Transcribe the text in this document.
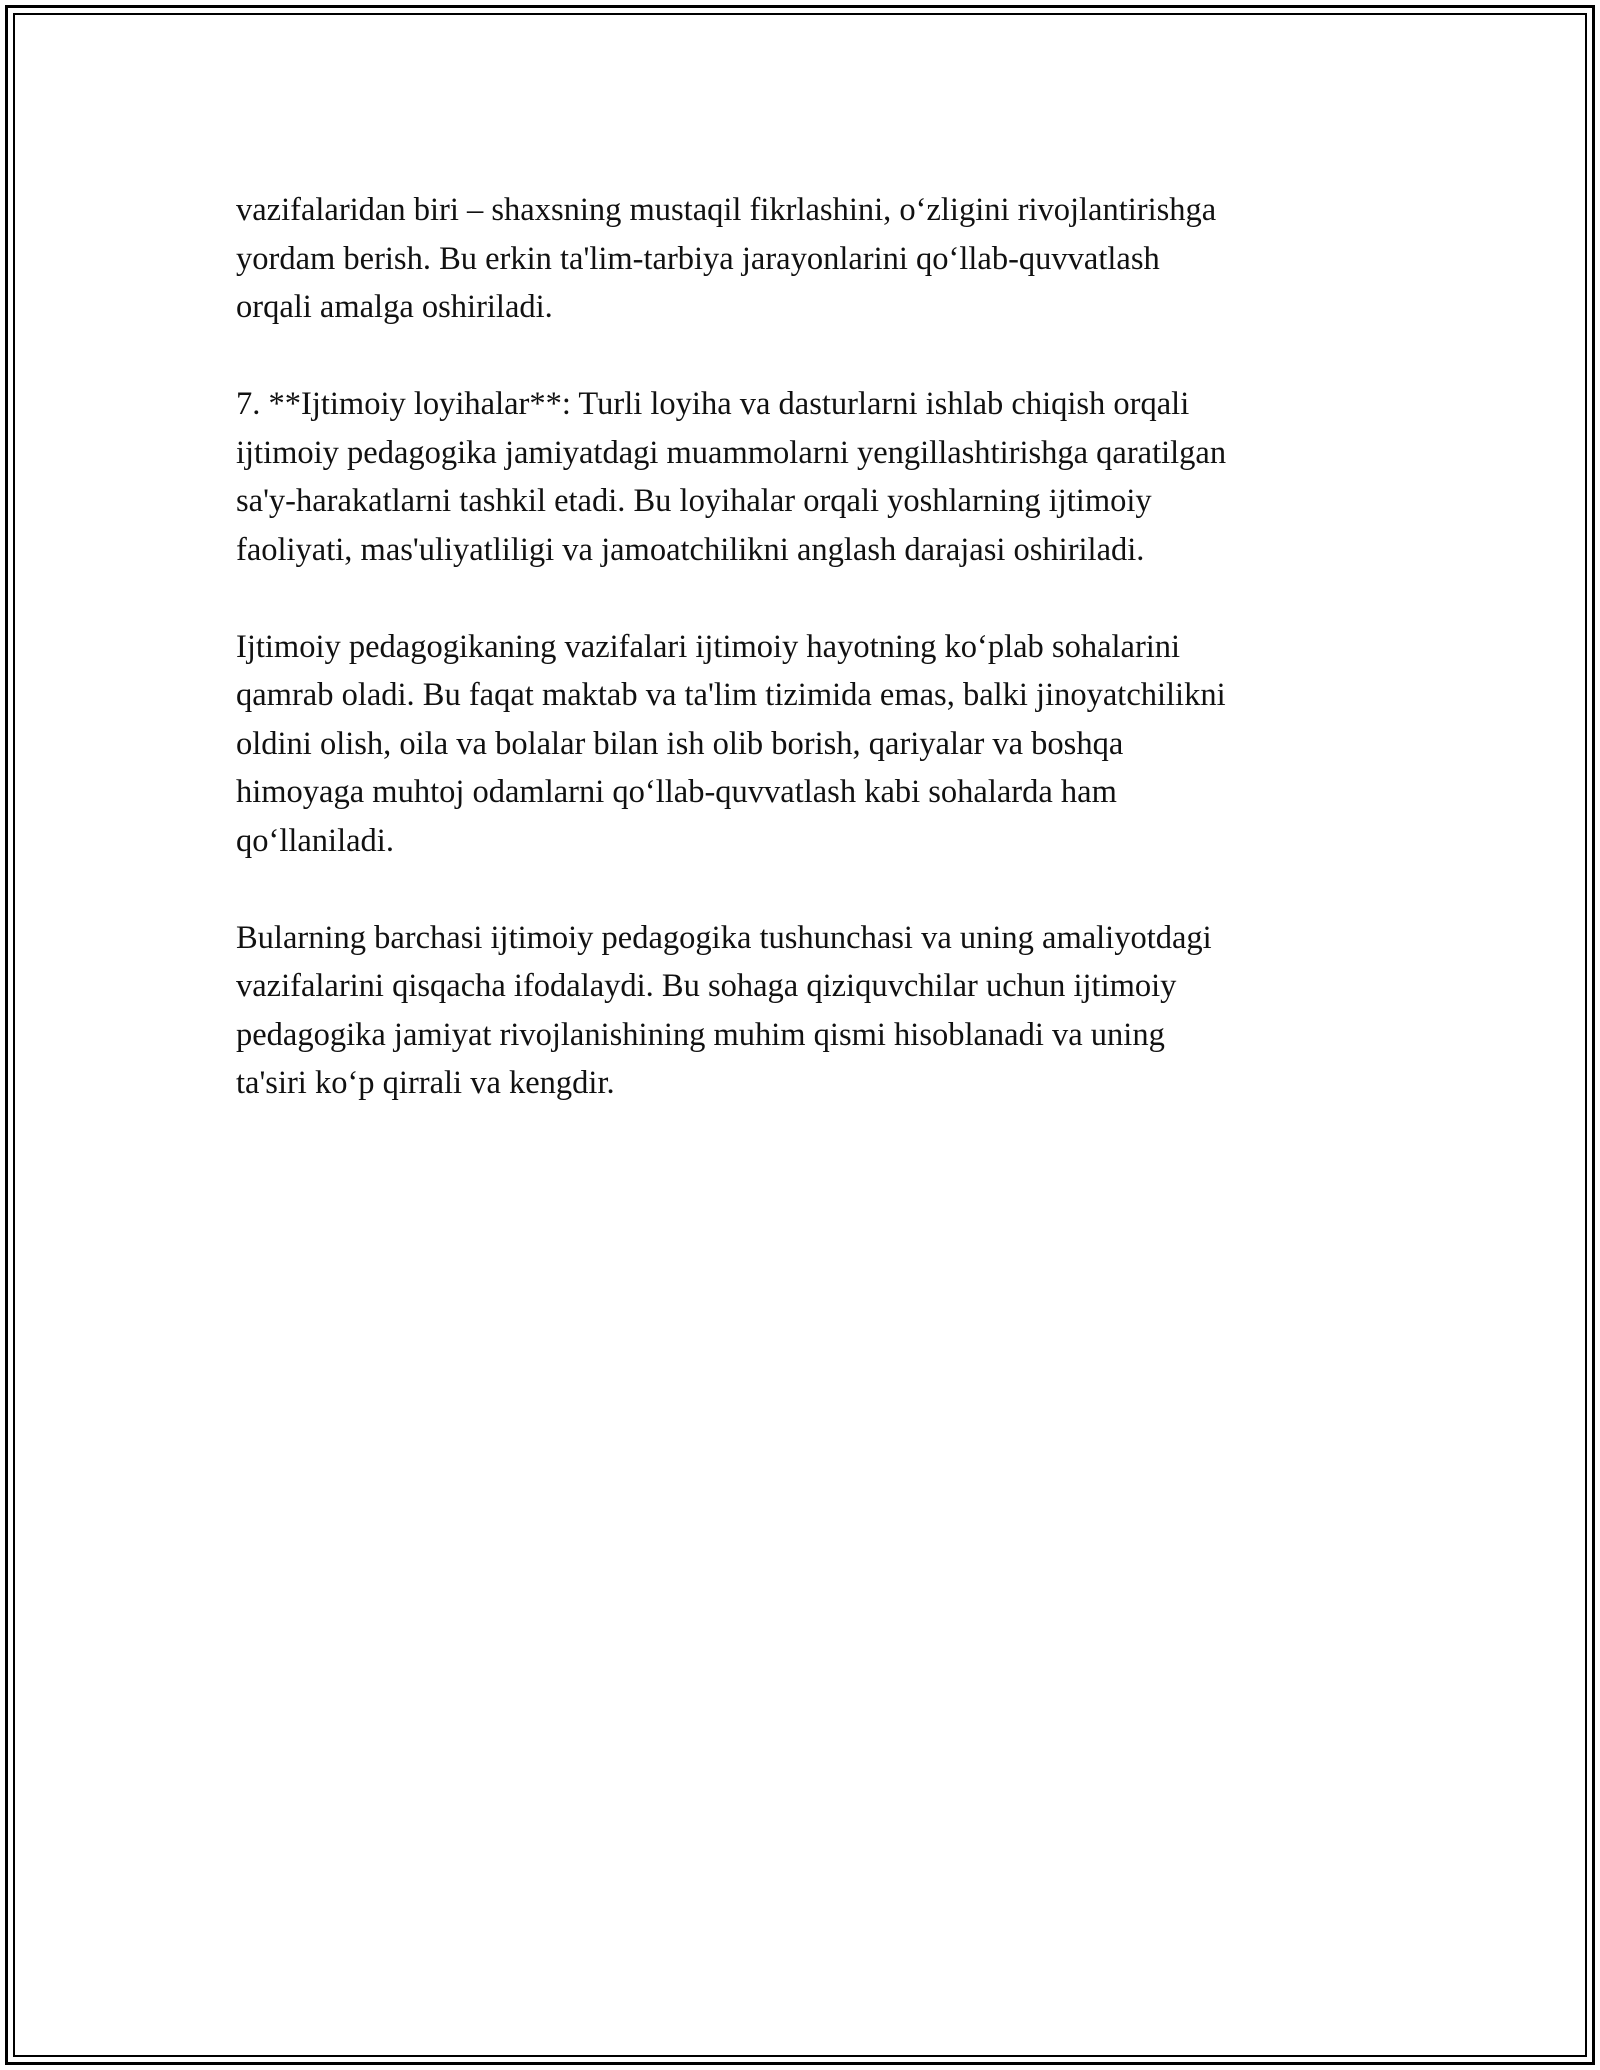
vazifalaridan biri – shaxsning mustaqil fikrlashini, o‘zligini rivojlantirishga
yordam berish. Bu erkin ta'lim-tarbiya jarayonlarini qo‘llab-quvvatlash
orqali amalga oshiriladi.
7. **Ijtimoiy loyihalar**: Turli loyiha va dasturlarni ishlab chiqish orqali
ijtimoiy pedagogika jamiyatdagi muammolarni yengillashtirishga qaratilgan
sa'y-harakatlarni tashkil etadi. Bu loyihalar orqali yoshlarning ijtimoiy
faoliyati, mas'uliyatliligi va jamoatchilikni anglash darajasi oshiriladi.
Ijtimoiy pedagogikaning vazifalari ijtimoiy hayotning ko‘plab sohalarini
qamrab oladi. Bu faqat maktab va ta'lim tizimida emas, balki jinoyatchilikni
oldini olish, oila va bolalar bilan ish olib borish, qariyalar va boshqa
himoyaga muhtoj odamlarni qo‘llab-quvvatlash kabi sohalarda ham
qo‘llaniladi.
Bularning barchasi ijtimoiy pedagogika tushunchasi va uning amaliyotdagi
vazifalarini qisqacha ifodalaydi. Bu sohaga qiziquvchilar uchun ijtimoiy
pedagogika jamiyat rivojlanishining muhim qismi hisoblanadi va uning
ta'siri ko‘p qirrali va kengdir.
